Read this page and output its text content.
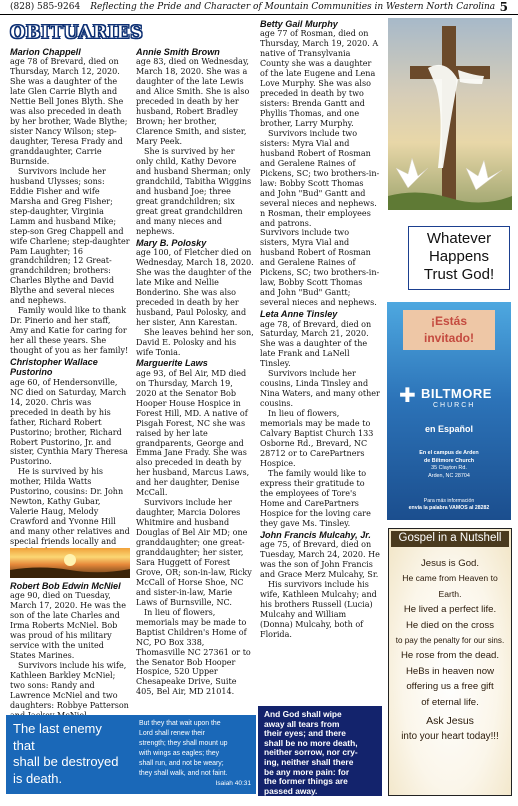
(828) 585-9264 Reflecting the Pride and Character of Mountain Communities in Western North Carolina 5
OBITUARIES
Marion Chappell

age 78 of Brevard, died on Thursday, March 12, 2020. She was a daughter of the late Glen Carrie Blyth and Nettie Bell Jones Blyth. She was also preceded in death by her brother, Wade Blythe; sister Nancy Wilson; step-daughter, Teresa Frady and granddaughter, Carrie Burnside.

Survivors include her husband Ulysses; sons: Eddie Fisher and wife Marsha and Greg Fisher; step-daughter, Virginia Lamm and husband Mike; step-son Greg Chappell and wife Charlene; step-daughter Pam Laughter; 16 grandchildren; 12 Great-grandchildren; brothers: Charles Blythe and David Blythe and several nieces and nephews.

Family would like to thank Dr. Pinerio and her staff, Amy and Katie for caring for her all these years. She thought of you as her family!

Christopher Wallace Pustorino

age 60, of Hendersonville, NC died on Saturday, March 14, 2020. Chris was preceded in death by his father, Richard Robert Pustorino; brother, Richard Robert Pustorino, Jr. and sister, Cynthia Mary Theresa Pustorino.

He is survived by his mother, Hilda Watts Pustorino, cousins: Dr. John Newton, Kathy Gubar, Valerie Haug, Melody Crawford and Yvonne Hill and many other relatives and special friends locally and

Robert Bob Edwin McNiel

age 90, died on Tuesday, March 17, 2020. He was the son of the late Charles and Irma Roberts McNiel. Bob was proud of his military service with the united States Marines.

Survivors include his wife, Kathleen Barkley McNiel; two sons: Randy and Lawrence McNiel and two daughters: Robbye Patterson

The last enemy that
shall be destroyed
is death.
1 Corinthians 15:25
Annie Smith Brown

age 83, died on Wednesday, March 18, 2020. She was a daughter of the late Lewis and Alice Smith. She is also preceded in death by her husband, Robert Bradley Brown; her brother, Clarence Smith, and sister, Mary Peek.

She is survived by her only child, Kathy Devore and husband Sherman; only grandchild, Tabitha Wiggins and husband Joe; three great grandchildren; six great great grandchildren and many nieces and nephews.

Mary B. Polosky

age 100, of Fletcher died on Wednesday, March 18, 2020. She was the daughter of the late Mike and Nellie Bonderino. She was also preceded in death by her husband, Paul Polosky, and her sister, Ann Karestan.

She leaves behind her son, David E. Polosky and his wife Tonia.

Marguerite Laws

age 93, of Bel Air, MD died on Thursday, March 19, 2020 at the Senator Bob Hooper House Hospice in Forest Hill, MD. A native of Pisgah Forest, NC she was raised by her late grandparents, George and Emma Jane Frady. She was also preceded in death by her husband, Marcus Laws, and her daughter, Denise McCall.

Survivors include her daughter, Marcia Dolores Whitmire and husband Douglas of Bel Air MD; one granddaughter; one great-granddaughter; her sister, Sara Huggett of Forest Grove, OR; son-in-law, Ricky McCall of Horse Shoe, NC and sister-in-law, Marie Laws of Burnsville, NC.

In lieu of flowers, memorials may be made to Baptist Children's Home of NC, PO Box 338, Thomasville NC 27361 or to the Senator Bob Hooper Hospice, 520 Upper Chesapeake Drive, Suite 405, Bel Air, MD 21014.

But they that wait upon the
Lord shall renew their
strength; they shall mount up
with wings as eagles; they
shall run, and not be weary;
they shall walk, and not faint.
Isaiah 40:31
Betty Gail Murphy

age 77 of Rosman, died on Thursday, March 19, 2020. A native of Transylvania County she was a daughter of the late Eugene and Lena Love Murphy. She was also preceded in death by two sisters: Brenda Gantt and Phyllis Thomas, and one brother, Larry Murphy.

Survivors include two sisters: Myra Vial and husband Robert of Rosman and Geralene Raines of Pickens, SC; two brothers-in-law: Bobby Scott Thomas and John "Bud" Gantt and several nieces and nephews.

n Rosman, their employees and patrons.

Survivors include two sisters, Myra Vial and husband Robert of Rosman and Geralene Raines of Pickens, SC; two brothers-in-law, Bobby Scott Thomas and John "Bud" Gantt; several nieces and nephews.

Leta Anne Tinsley

age 78, of Brevard, died on Saturday, March 21, 2020. She was a daughter of the late Frank and LaNell Tinsley.

Survivors include her cousins, Linda Tinsley and Nina Waters, and many other cousins.

In lieu of flowers, memorials may be made to Calvary Baptist Church 133 Osborne Rd., Brevard, NC 28712 or to CarePartners Hospice.

The family would like to express their gratitude to the employees of Tore's Home and CarePartners Hospice for the loving care they gave Ms. Tinsley.

John Francis Mulcahy, Jr.

age 75, of Brevard, died on Tuesday, March 24, 2020. He was the son of John Francis and Grace Merz Mulcahy, Sr.

His survivors include his wife, Kathleen Mulcahy; and his brothers Russell (Lucia) Mulcahy and William (Donna) Mulcahy, both of Florida.

And God shall wipe
away all tears from
their eyes; and there
shall be no more death,
neither sorrow, nor cry-
ing, neither shall there
be any more pain: for
the former things are
passed away.
Revelation 21:4 KJV
Whatever
Happens
Trust God!
¡Estás
invitado!
✚ BILTMORE
CHURCH
en Español
En el campus de Arden
de Biltmore Church
35 Clayton Rd.
Arden, NC 28704
Para más información
envía la palabra VAMOS al 28282
Gospel in a Nutshell
Jesus is God.
He came from Heaven to Earth.
He lived a perfect life.
He died on the cross
to pay the penalty for our sins.
He rose from the dead.
HeBs in heaven now
offering us a free gift
of eternal life.
Ask Jesus
into your heart today!!!
